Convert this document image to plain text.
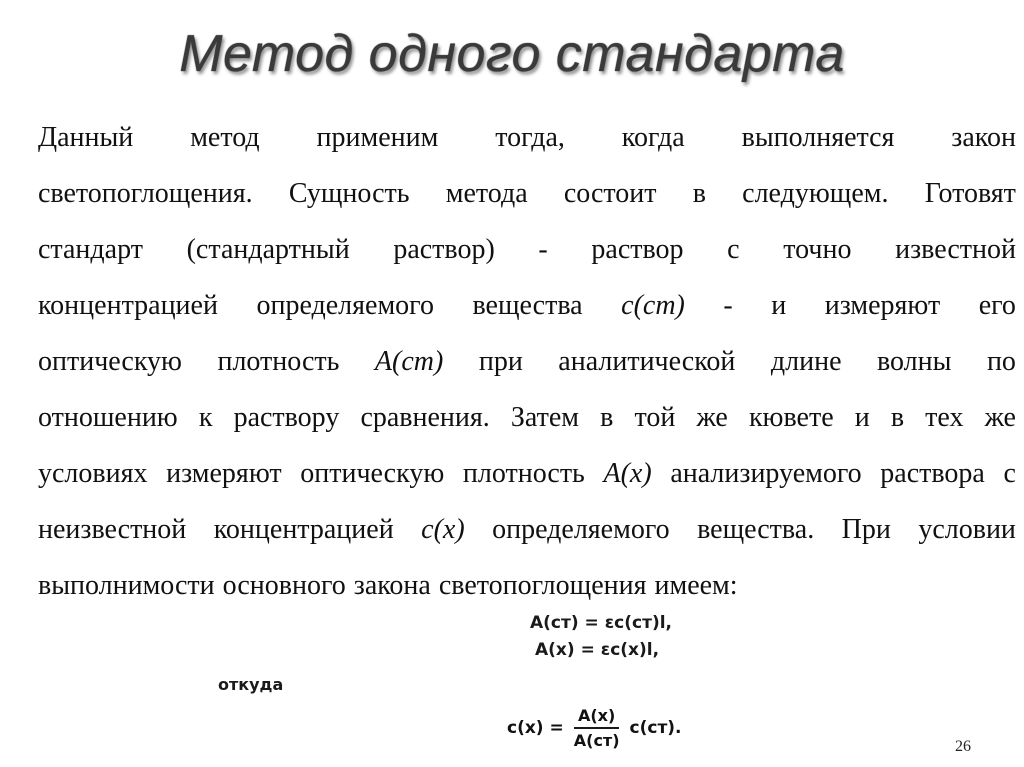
Метод одного стандарта
Данный метод применим тогда, когда выполняется закон
светопоглощения. Сущность метода состоит в следующем. Готовят
стандарт (стандартный раствор) - раствор с точно известной
концентрацией определяемого вещества c(ст) - и измеряют его
оптическую плотность A(cт) при аналитической длине волны по
отношению к раствору сравнения. Затем в той же кювете и в тех же
условиях измеряют оптическую плотность A(x) анализируемого раствора с
неизвестной концентрацией c(x) определяемого вещества. При условии
выполнимости основного закона светопоглощения имеем:
A(ст) = εc(ст)l,
A(x) = εc(x)l,
откуда
$c(x) = \frac{A(x)}{A(ст)} c(ст)$.
26
